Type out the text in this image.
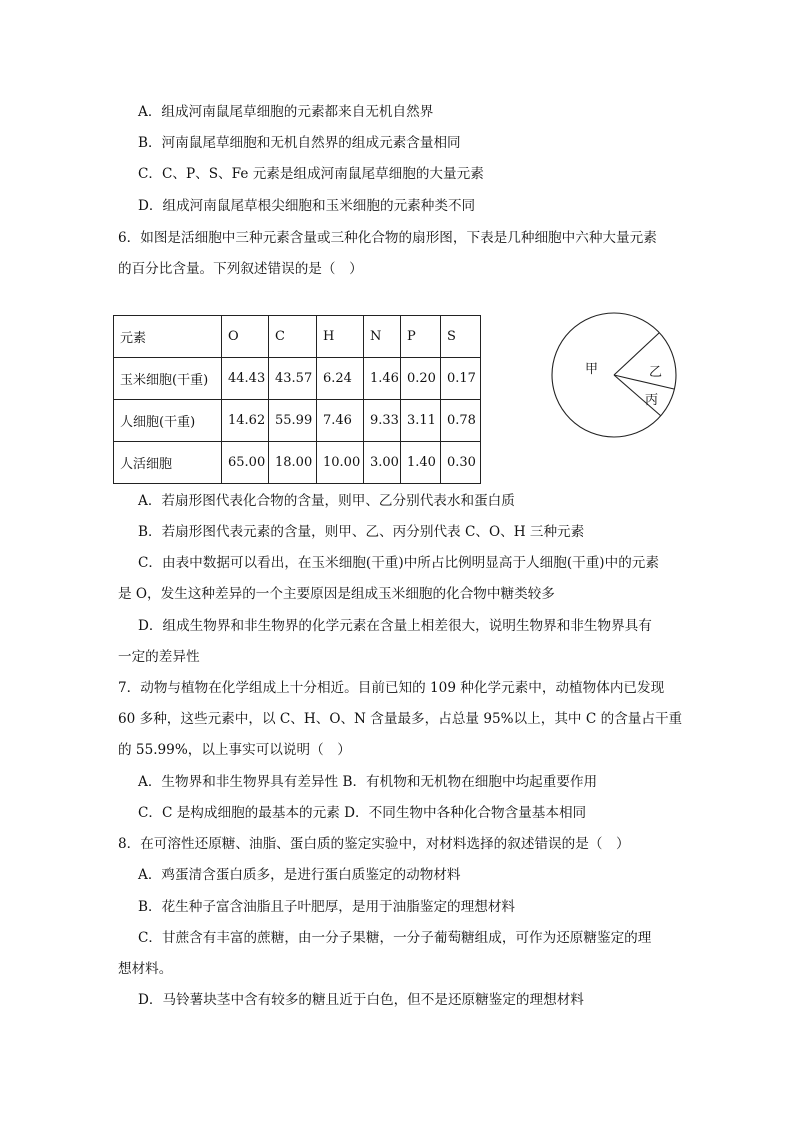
A．组成河南鼠尾草细胞的元素都来自无机自然界
B．河南鼠尾草细胞和无机自然界的组成元素含量相同
C．C、P、S、Fe 元素是组成河南鼠尾草细胞的大量元素
D．组成河南鼠尾草根尖细胞和玉米细胞的元素种类不同
6．如图是活细胞中三种元素含量或三种化合物的扇形图，下表是几种细胞中六种大量元素
的百分比含量。下列叙述错误的是（　）
元素	O	C	H	N	P	S
玉米细胞(干重)	44.43	43.57	6.24	1.46	0.20	0.17
人细胞(干重)	14.62	55.99	7.46	9.33	3.11	0.78
人活细胞	65.00	18.00	10.00	3.00	1.40	0.30
甲	乙
丙
A．若扇形图代表化合物的含量，则甲、乙分别代表水和蛋白质
B．若扇形图代表元素的含量，则甲、乙、丙分别代表 C、O、H 三种元素
C．由表中数据可以看出，在玉米细胞(干重)中所占比例明显高于人细胞(干重)中的元素
是 O，发生这种差异的一个主要原因是组成玉米细胞的化合物中糖类较多
D．组成生物界和非生物界的化学元素在含量上相差很大，说明生物界和非生物界具有
一定的差异性
7．动物与植物在化学组成上十分相近。目前已知的 109 种化学元素中，动植物体内已发现
60 多种，这些元素中，以 C、H、O、N 含量最多，占总量 95%以上，其中 C 的含量占干重
的 55.99%，以上事实可以说明（　）
A．生物界和非生物界具有差异性 B．有机物和无机物在细胞中均起重要作用
C．C 是构成细胞的最基本的元素 D．不同生物中各种化合物含量基本相同
8．在可溶性还原糖、油脂、蛋白质的鉴定实验中，对材料选择的叙述错误的是（　）
A．鸡蛋清含蛋白质多，是进行蛋白质鉴定的动物材料
B．花生种子富含油脂且子叶肥厚，是用于油脂鉴定的理想材料
C．甘蔗含有丰富的蔗糖，由一分子果糖，一分子葡萄糖组成，可作为还原糖鉴定的理
想材料。
D．马铃薯块茎中含有较多的糖且近于白色，但不是还原糖鉴定的理想材料
